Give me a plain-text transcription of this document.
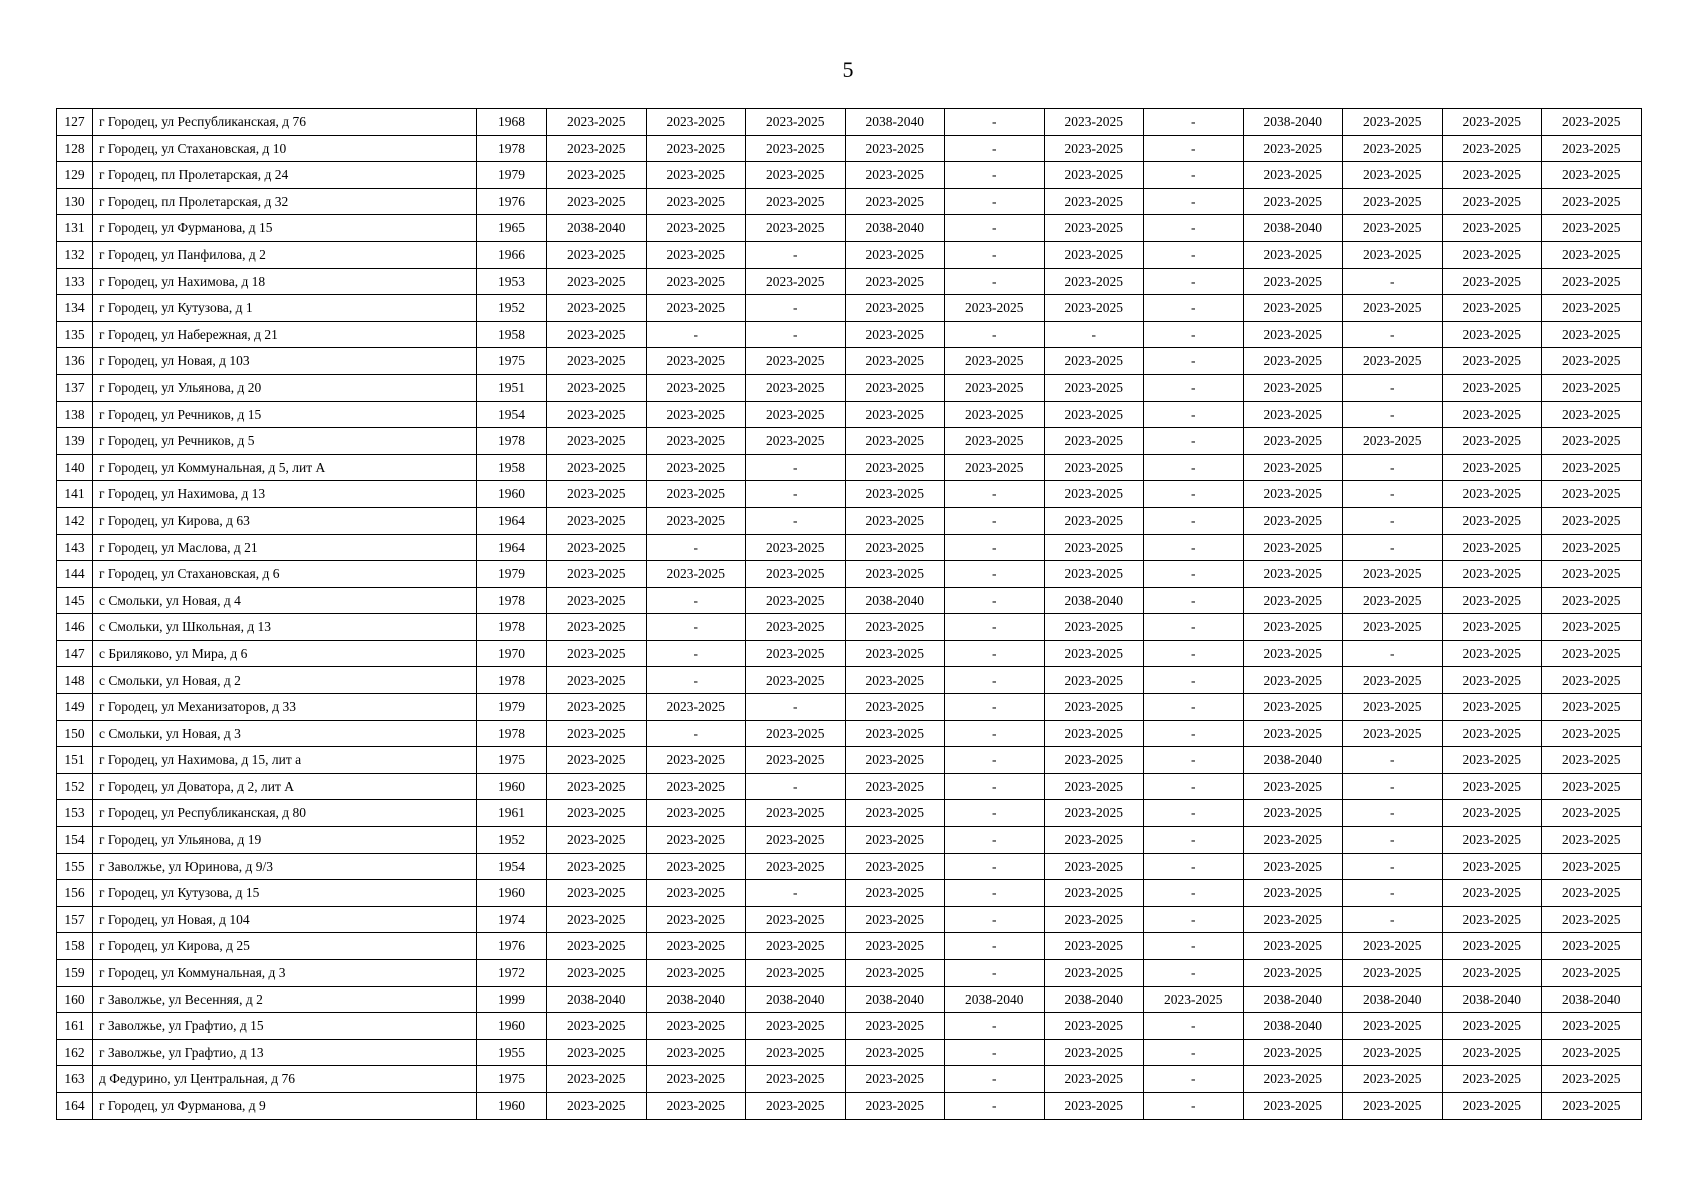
5
127	г Городец, ул Республиканская, д 76	1968	2023-2025	2023-2025	2023-2025	2038-2040	-	2023-2025	-	2038-2040	2023-2025	2023-2025	2023-2025
128	г Городец, ул Стахановская, д 10	1978	2023-2025	2023-2025	2023-2025	2023-2025	-	2023-2025	-	2023-2025	2023-2025	2023-2025	2023-2025
129	г Городец, пл Пролетарская, д 24	1979	2023-2025	2023-2025	2023-2025	2023-2025	-	2023-2025	-	2023-2025	2023-2025	2023-2025	2023-2025
130	г Городец, пл Пролетарская, д 32	1976	2023-2025	2023-2025	2023-2025	2023-2025	-	2023-2025	-	2023-2025	2023-2025	2023-2025	2023-2025
131	г Городец, ул Фурманова, д 15	1965	2038-2040	2023-2025	2023-2025	2038-2040	-	2023-2025	-	2038-2040	2023-2025	2023-2025	2023-2025
132	г Городец, ул Панфилова, д 2	1966	2023-2025	2023-2025	-	2023-2025	-	2023-2025	-	2023-2025	2023-2025	2023-2025	2023-2025
133	г Городец, ул Нахимова, д 18	1953	2023-2025	2023-2025	2023-2025	2023-2025	-	2023-2025	-	2023-2025	-	2023-2025	2023-2025
134	г Городец, ул Кутузова, д 1	1952	2023-2025	2023-2025	-	2023-2025	2023-2025	2023-2025	-	2023-2025	2023-2025	2023-2025	2023-2025
135	г Городец, ул Набережная, д 21	1958	2023-2025	-	-	2023-2025	-	-	-	2023-2025	-	2023-2025	2023-2025
136	г Городец, ул Новая, д 103	1975	2023-2025	2023-2025	2023-2025	2023-2025	2023-2025	2023-2025	-	2023-2025	2023-2025	2023-2025	2023-2025
137	г Городец, ул Ульянова, д 20	1951	2023-2025	2023-2025	2023-2025	2023-2025	2023-2025	2023-2025	-	2023-2025	-	2023-2025	2023-2025
138	г Городец, ул Речников, д 15	1954	2023-2025	2023-2025	2023-2025	2023-2025	2023-2025	2023-2025	-	2023-2025	-	2023-2025	2023-2025
139	г Городец, ул Речников, д 5	1978	2023-2025	2023-2025	2023-2025	2023-2025	2023-2025	2023-2025	-	2023-2025	2023-2025	2023-2025	2023-2025
140	г Городец, ул Коммунальная, д 5, лит А	1958	2023-2025	2023-2025	-	2023-2025	2023-2025	2023-2025	-	2023-2025	-	2023-2025	2023-2025
141	г Городец, ул Нахимова, д 13	1960	2023-2025	2023-2025	-	2023-2025	-	2023-2025	-	2023-2025	-	2023-2025	2023-2025
142	г Городец, ул Кирова, д 63	1964	2023-2025	2023-2025	-	2023-2025	-	2023-2025	-	2023-2025	-	2023-2025	2023-2025
143	г Городец, ул Маслова, д 21	1964	2023-2025	-	2023-2025	2023-2025	-	2023-2025	-	2023-2025	-	2023-2025	2023-2025
144	г Городец, ул Стахановская, д 6	1979	2023-2025	2023-2025	2023-2025	2023-2025	-	2023-2025	-	2023-2025	2023-2025	2023-2025	2023-2025
145	с Смольки, ул Новая, д 4	1978	2023-2025	-	2023-2025	2038-2040	-	2038-2040	-	2023-2025	2023-2025	2023-2025	2023-2025
146	с Смольки, ул Школьная, д 13	1978	2023-2025	-	2023-2025	2023-2025	-	2023-2025	-	2023-2025	2023-2025	2023-2025	2023-2025
147	с Бриляково, ул Мира, д 6	1970	2023-2025	-	2023-2025	2023-2025	-	2023-2025	-	2023-2025	-	2023-2025	2023-2025
148	с Смольки, ул Новая, д 2	1978	2023-2025	-	2023-2025	2023-2025	-	2023-2025	-	2023-2025	2023-2025	2023-2025	2023-2025
149	г Городец, ул Механизаторов, д 33	1979	2023-2025	2023-2025	-	2023-2025	-	2023-2025	-	2023-2025	2023-2025	2023-2025	2023-2025
150	с Смольки, ул Новая, д 3	1978	2023-2025	-	2023-2025	2023-2025	-	2023-2025	-	2023-2025	2023-2025	2023-2025	2023-2025
151	г Городец, ул Нахимова, д 15, лит а	1975	2023-2025	2023-2025	2023-2025	2023-2025	-	2023-2025	-	2038-2040	-	2023-2025	2023-2025
152	г Городец, ул Доватора, д 2, лит А	1960	2023-2025	2023-2025	-	2023-2025	-	2023-2025	-	2023-2025	-	2023-2025	2023-2025
153	г Городец, ул Республиканская, д 80	1961	2023-2025	2023-2025	2023-2025	2023-2025	-	2023-2025	-	2023-2025	-	2023-2025	2023-2025
154	г Городец, ул Ульянова, д 19	1952	2023-2025	2023-2025	2023-2025	2023-2025	-	2023-2025	-	2023-2025	-	2023-2025	2023-2025
155	г Заволжье, ул Юринова, д 9/3	1954	2023-2025	2023-2025	2023-2025	2023-2025	-	2023-2025	-	2023-2025	-	2023-2025	2023-2025
156	г Городец, ул Кутузова, д 15	1960	2023-2025	2023-2025	-	2023-2025	-	2023-2025	-	2023-2025	-	2023-2025	2023-2025
157	г Городец, ул Новая, д 104	1974	2023-2025	2023-2025	2023-2025	2023-2025	-	2023-2025	-	2023-2025	-	2023-2025	2023-2025
158	г Городец, ул Кирова, д 25	1976	2023-2025	2023-2025	2023-2025	2023-2025	-	2023-2025	-	2023-2025	2023-2025	2023-2025	2023-2025
159	г Городец, ул Коммунальная, д 3	1972	2023-2025	2023-2025	2023-2025	2023-2025	-	2023-2025	-	2023-2025	2023-2025	2023-2025	2023-2025
160	г Заволжье, ул Весенняя, д 2	1999	2038-2040	2038-2040	2038-2040	2038-2040	2038-2040	2038-2040	2023-2025	2038-2040	2038-2040	2038-2040	2038-2040
161	г Заволжье, ул Графтио, д 15	1960	2023-2025	2023-2025	2023-2025	2023-2025	-	2023-2025	-	2038-2040	2023-2025	2023-2025	2023-2025
162	г Заволжье, ул Графтио, д 13	1955	2023-2025	2023-2025	2023-2025	2023-2025	-	2023-2025	-	2023-2025	2023-2025	2023-2025	2023-2025
163	д Федурино, ул Центральная, д 76	1975	2023-2025	2023-2025	2023-2025	2023-2025	-	2023-2025	-	2023-2025	2023-2025	2023-2025	2023-2025
164	г Городец, ул Фурманова, д 9	1960	2023-2025	2023-2025	2023-2025	2023-2025	-	2023-2025	-	2023-2025	2023-2025	2023-2025	2023-2025
